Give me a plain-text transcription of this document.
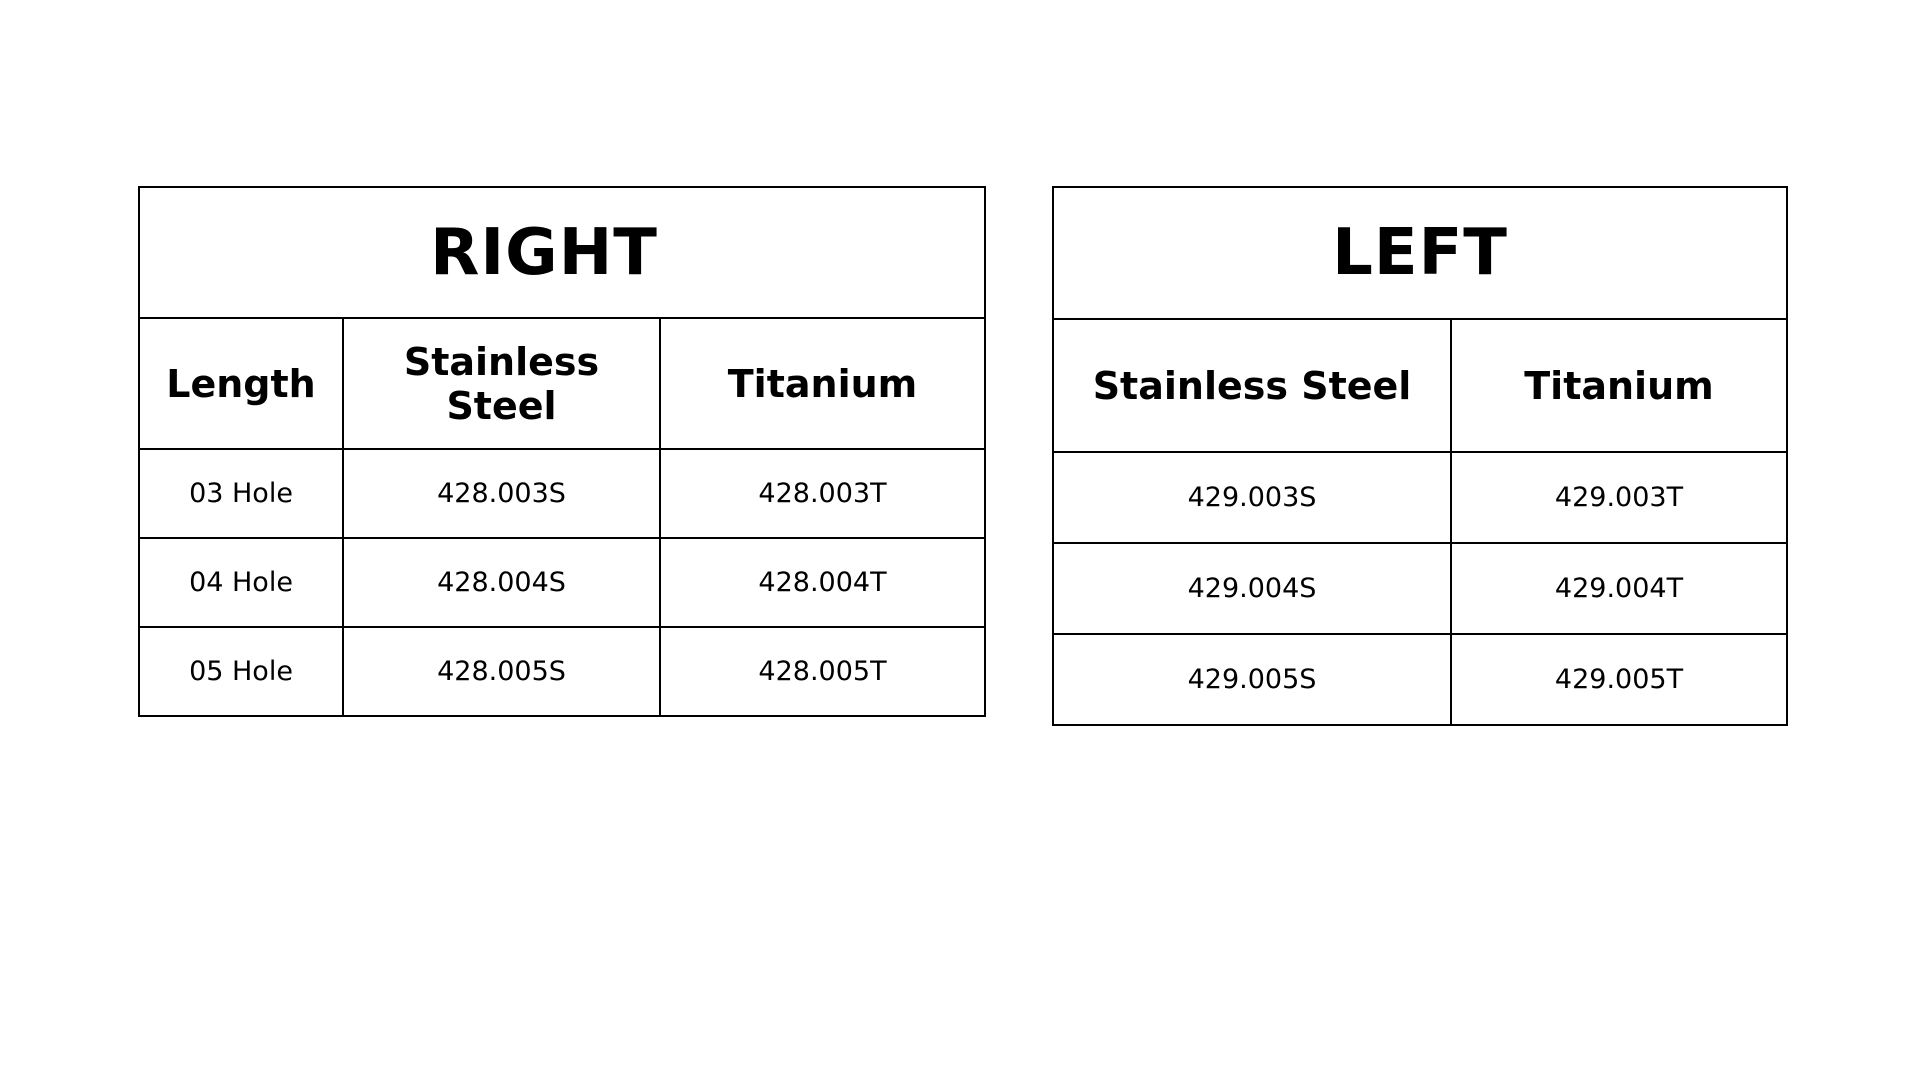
RIGHT		
Length	Stainless Steel	Titanium
03 Hole	428.003S	428.003T
04 Hole	428.004S	428.004T
05 Hole	428.005S	428.005T
LEFT	
Stainless Steel	Titanium
429.003S	429.003T
429.004S	429.004T
429.005S	429.005T
